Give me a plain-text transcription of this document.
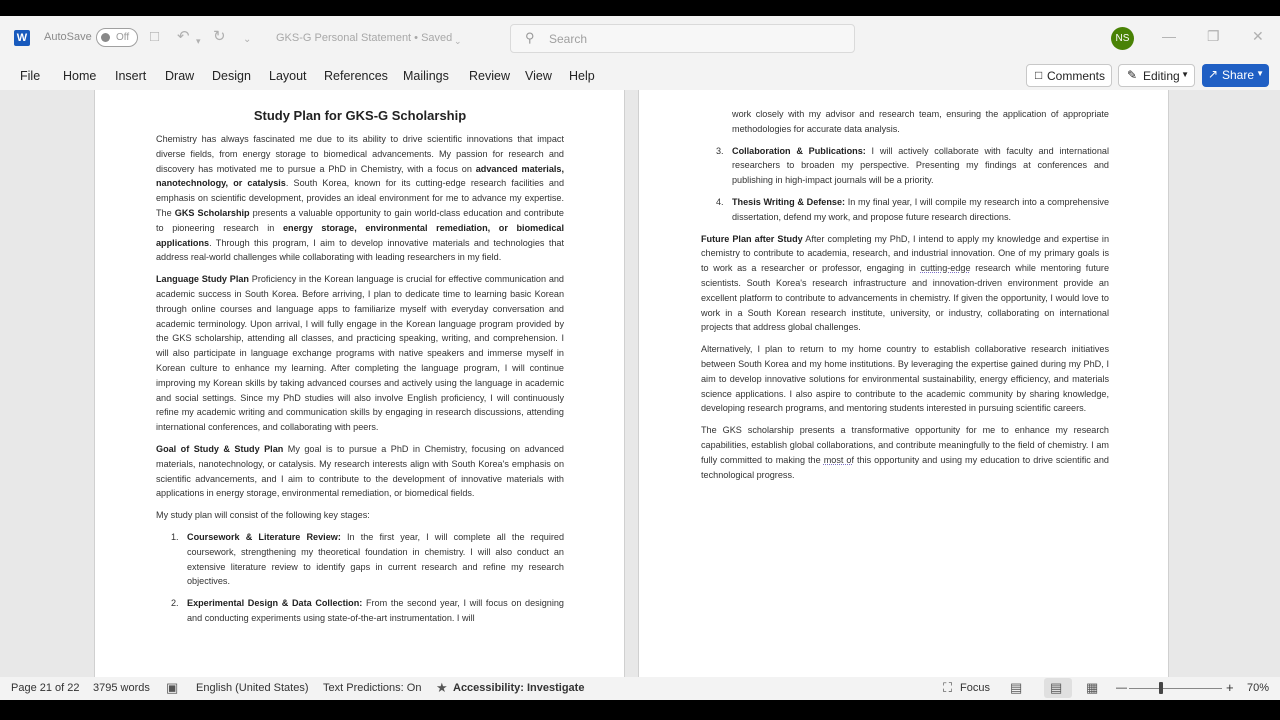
W AutoSave Off □ ↶ ▾ ↻ ⌄ GKS-G Personal Statement • Saved ⌄	⚲ Search	NS	— ❐ ✕
File Home Insert Draw Design Layout References Mailings Review View Help	□ Comments ✎ Editing ▼ ↗ Share ▼
Study Plan for GKS-G Scholarship

Chemistry has always fascinated me due to its ability to drive scientific innovations that impact diverse fields, from energy storage to biomedical advancements. My passion for research and discovery has motivated me to pursue a PhD in Chemistry, with a focus on advanced materials, nanotechnology, or catalysis. South Korea, known for its cutting-edge research facilities and emphasis on scientific development, provides an ideal environment for me to advance my expertise. The GKS Scholarship presents a valuable opportunity to gain world-class education and contribute to pioneering research in energy storage, environmental remediation, or biomedical applications. Through this program, I aim to develop innovative materials and technologies that address real-world challenges while collaborating with leading researchers in my field.

Language Study Plan Proficiency in the Korean language is crucial for effective communication and academic success in South Korea. Before arriving, I plan to dedicate time to learning basic Korean through online courses and language apps to familiarize myself with everyday conversation and academic terminology. Upon arrival, I will fully engage in the Korean language program provided by the GKS scholarship, attending all classes, and practicing speaking, writing, and comprehension. I will also participate in language exchange programs with native speakers and immerse myself in Korean culture to enhance my learning. After completing the language program, I will continue improving my Korean skills by taking advanced courses and actively using the language in academic and social settings. Since my PhD studies will also involve English proficiency, I will continuously refine my academic writing and communication skills by engaging in research discussions, attending international conferences, and collaborating with peers.

Goal of Study & Study Plan My goal is to pursue a PhD in Chemistry, focusing on advanced materials, nanotechnology, or catalysis. My research interests align with South Korea's emphasis on scientific advancements, and I aim to contribute to the development of innovative materials with applications in energy storage, environmental remediation, or biomedical fields.

My study plan will consist of the following key stages:

1. Coursework & Literature Review: In the first year, I will complete all the required coursework, strengthening my theoretical foundation in chemistry. I will also conduct an extensive literature review to identify gaps in current research and refine my research objectives.
2. Experimental Design & Data Collection: From the second year, I will focus on designing and conducting experiments using state-of-the-art instrumentation. I will
work closely with my advisor and research team, ensuring the application of appropriate methodologies for accurate data analysis.
3. Collaboration & Publications: I will actively collaborate with faculty and international researchers to broaden my perspective. Presenting my findings at conferences and publishing in high-impact journals will be a priority.
4. Thesis Writing & Defense: In my final year, I will compile my research into a comprehensive dissertation, defend my work, and propose future research directions.

Future Plan after Study After completing my PhD, I intend to apply my knowledge and expertise in chemistry to contribute to academia, research, and industrial innovation. One of my primary goals is to work as a researcher or professor, engaging in cutting-edge research while mentoring future scientists. South Korea's research infrastructure and innovation-driven environment provide an excellent platform to contribute to advancements in chemistry. If given the opportunity, I would love to work in a South Korean research institute, university, or industry, collaborating on international projects that address global challenges.

Alternatively, I plan to return to my home country to establish collaborative research initiatives between South Korea and my home institutions. By leveraging the expertise gained during my PhD, I aim to develop innovative solutions for environmental sustainability, energy efficiency, and materials science applications. I also aspire to contribute to the academic community by sharing knowledge, developing research programs, and mentoring students interested in pursuing scientific careers.

The GKS scholarship presents a transformative opportunity for me to enhance my research capabilities, establish global collaborations, and contribute meaningfully to the field of chemistry. I am fully committed to making the most of this opportunity and using my education to drive scientific and technological progress.

Page 21 of 22 3795 words ▣ English (United States) Text Predictions: On ★ Accessibility: Investigate	⛶ Focus ▤ ▤ ▦ —	+ 70%
